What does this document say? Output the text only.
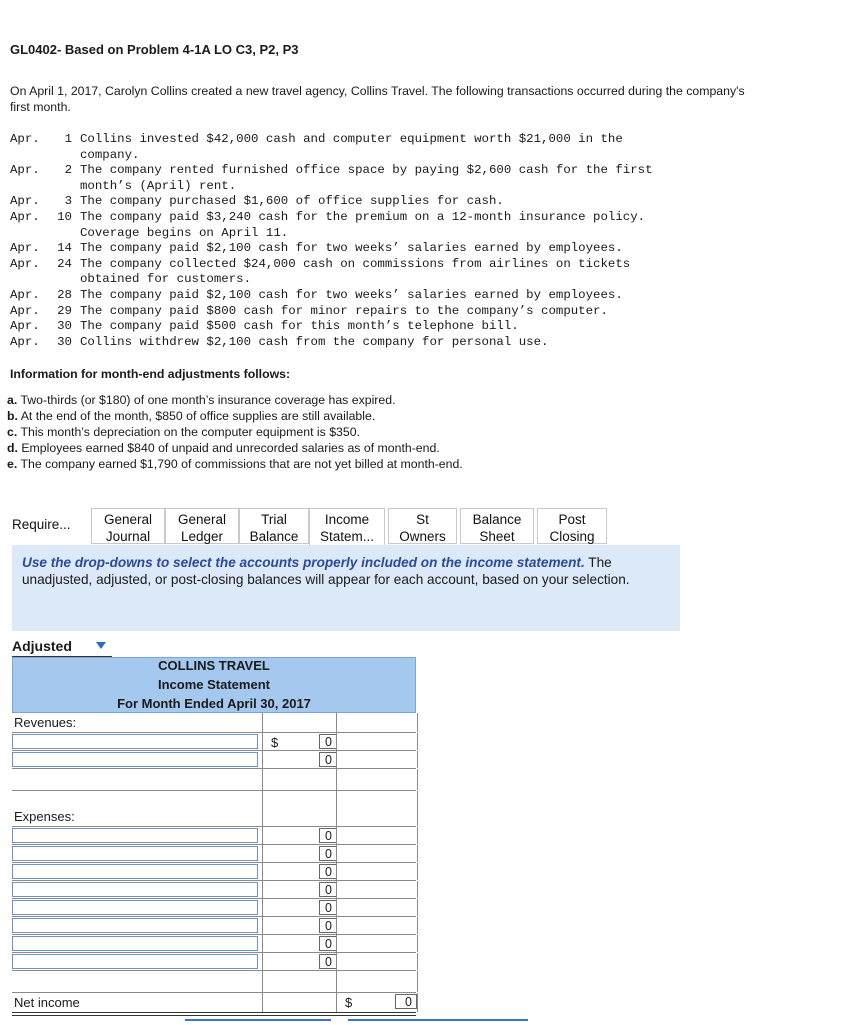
GL0402- Based on Problem 4-1A LO C3, P2, P3
On April 1, 2017, Carolyn Collins created a new travel agency, Collins Travel. The following transactions occurred during the company's first month.
Apr. 1 Collins invested $42,000 cash and computer equipment worth $21,000 in the
company.
Apr. 2 The company rented furnished office space by paying $2,600 cash for the first
month’s (April) rent.
Apr. 3 The company purchased $1,600 of office supplies for cash.
Apr. 10 The company paid $3,240 cash for the premium on a 12-month insurance policy.
Coverage begins on April 11.
Apr. 14 The company paid $2,100 cash for two weeks’ salaries earned by employees.
Apr. 24 The company collected $24,000 cash on commissions from airlines on tickets
obtained for customers.
Apr. 28 The company paid $2,100 cash for two weeks’ salaries earned by employees.
Apr. 29 The company paid $800 cash for minor repairs to the company’s computer.
Apr. 30 The company paid $500 cash for this month’s telephone bill.
Apr. 30 Collins withdrew $2,100 cash from the company for personal use.
Information for month-end adjustments follows:
a. Two-thirds (or $180) of one month’s insurance coverage has expired.
b. At the end of the month, $850 of office supplies are still available.
c. This month’s depreciation on the computer equipment is $350.
d. Employees earned $840 of unpaid and unrecorded salaries as of month-end.
e. The company earned $1,790 of commissions that are not yet billed at month-end.
Require...	General
Journal
General
Ledger
Trial
Balance
Income
Statem...
St
Owners
Balance
Sheet
Post
Closing
Use the drop-downs to select the accounts properly included on the income statement. The unadjusted, adjusted, or post-closing balances will appear for each account, based on your selection.
Adjusted
COLLINS TRAVEL
Income Statement
For Month Ended April 30, 2017
Revenues:
$	0
0
Expenses:
0
0
0
0
0
0
0
0
Net income	$	0
